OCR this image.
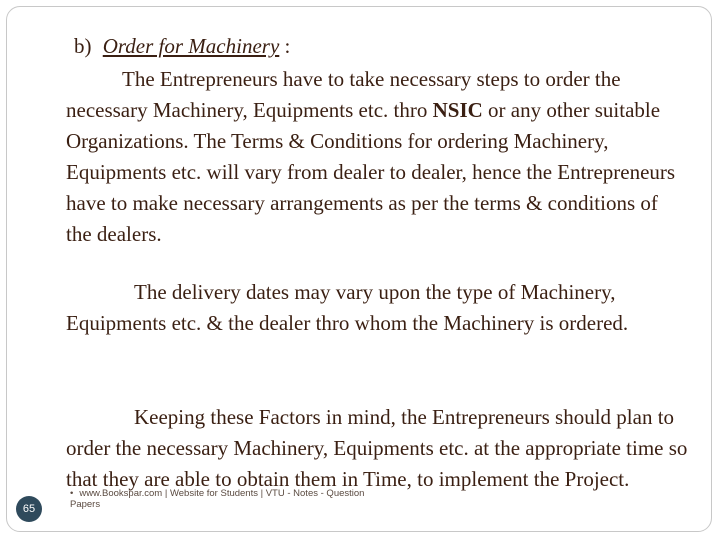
b) Order for Machinery :

The Entrepreneurs have to take necessary steps to order the necessary Machinery, Equipments etc. thro NSIC or any other suitable Organizations. The Terms & Conditions for ordering Machinery, Equipments etc. will vary from dealer to dealer, hence the Entrepreneurs have to make necessary arrangements as per the terms & conditions of the dealers.

The delivery dates may vary upon the type of Machinery, Equipments etc. & the dealer thro whom the Machinery is ordered.

Keeping these Factors in mind, the Entrepreneurs should plan to order the necessary Machinery, Equipments etc. at the appropriate time so that they are able to obtain them in Time, to implement the Project.

• www.Bookspar.com | Website for Students | VTU - Notes - Question Papers
65
